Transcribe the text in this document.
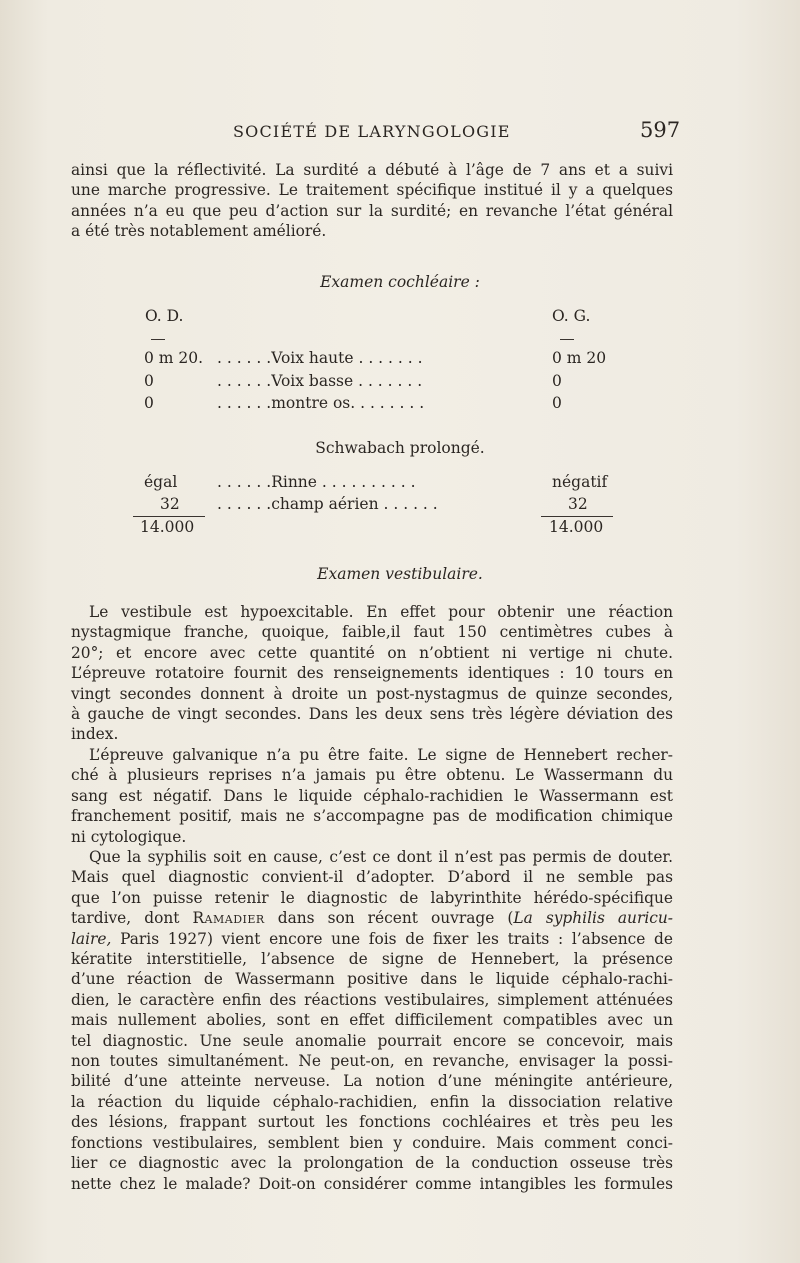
SOCIÉTÉ DE LARYNGOLOGIE	597
ainsi que la réflectivité. La surdité a débuté à l’âge de 7 ans et a suivi
une marche progressive. Le traitement spécifique institué il y a quelques
années n’a eu que peu d’action sur la surdité; en revanche l’état général
a été très notablement amélioré.
Examen cochléaire :
O. D.	O. G.
0 m 20. . . . . . .Voix haute . . . . . . .	0 m 20
0	. . . . . .Voix basse . . . . . . .	0
0	. . . . . .montre os. . . . . . . .	0
Schwabach prolongé.
égal	. . . . . .Rinne . . . . . . . . . .	négatif
32 . . . . . .champ aérien . . . . . .	32
14.000	14.000
Examen vestibulaire.
Le vestibule est hypoexcitable. En effet pour obtenir une réaction
nystagmique franche, quoique, faible,il faut 150 centimètres cubes à
20°; et encore avec cette quantité on n’obtient ni vertige ni chute.
L’épreuve rotatoire fournit des renseignements identiques : 10 tours en
vingt secondes donnent à droite un post-nystagmus de quinze secondes,
à gauche de vingt secondes. Dans les deux sens très légère déviation des
index.
L’épreuve galvanique n’a pu être faite. Le signe de Hennebert recher-
ché à plusieurs reprises n’a jamais pu être obtenu. Le Wassermann du
sang est négatif. Dans le liquide céphalo-rachidien le Wassermann est
franchement positif, mais ne s’accompagne pas de modification chimique
ni cytologique.
Que la syphilis soit en cause, c’est ce dont il n’est pas permis de douter.
Mais quel diagnostic convient-il d’adopter. D’abord il ne semble pas
que l’on puisse retenir le diagnostic de labyrinthite hérédo-spécifique
tardive, dont Ramadier dans son récent ouvrage (La syphilis auricu-
laire, Paris 1927) vient encore une fois de fixer les traits : l’absence de
kératite interstitielle, l’absence de signe de Hennebert, la présence
d’une réaction de Wassermann positive dans le liquide céphalo-rachi-
dien, le caractère enfin des réactions vestibulaires, simplement atténuées
mais nullement abolies, sont en effet difficilement compatibles avec un
tel diagnostic. Une seule anomalie pourrait encore se concevoir, mais
non toutes simultanément. Ne peut-on, en revanche, envisager la possi-
bilité d’une atteinte nerveuse. La notion d’une méningite antérieure,
la réaction du liquide céphalo-rachidien, enfin la dissociation relative
des lésions, frappant surtout les fonctions cochléaires et très peu les
fonctions vestibulaires, semblent bien y conduire. Mais comment conci-
lier ce diagnostic avec la prolongation de la conduction osseuse très
nette chez le malade? Doit-on considérer comme intangibles les formules
